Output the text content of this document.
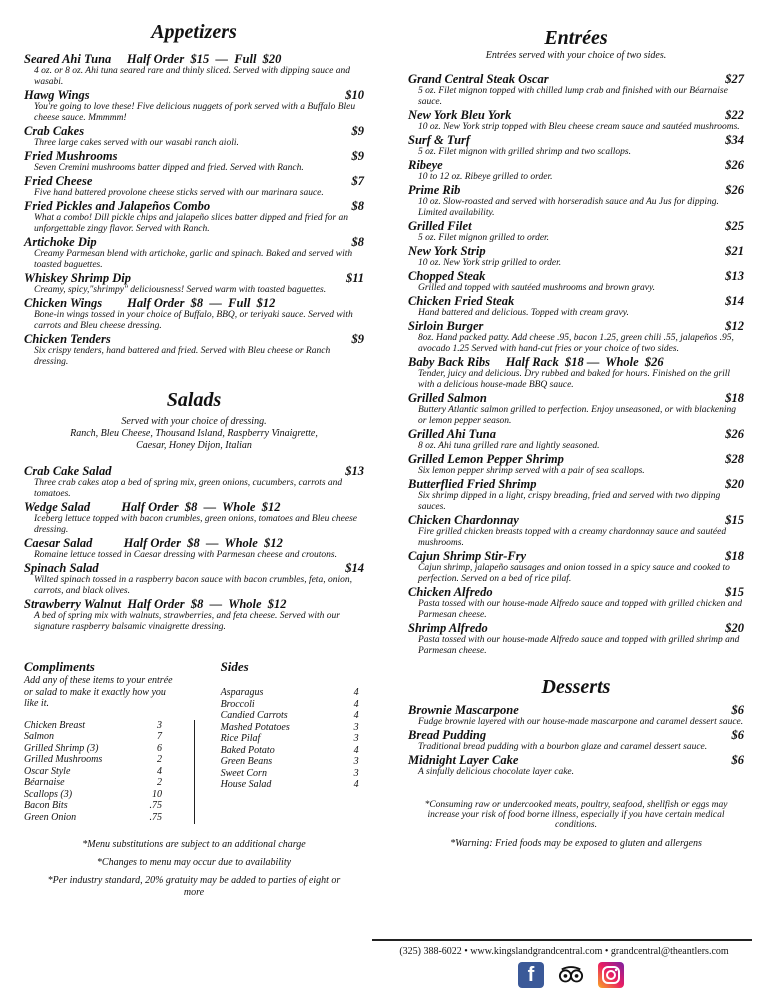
Appetizers
Seared Ahi Tuna     Half Order  $15  —  Full  $20
4 oz. or 8 oz. Ahi tuna seared rare and thinly sliced. Served with dipping sauce and wasabi.
Hawg Wings	$10
You're going to love these! Five delicious nuggets of pork served with a Buffalo Bleu cheese sauce. Mmmmm!
Crab Cakes	$9
Three large cakes served with our wasabi ranch aioli.
Fried Mushrooms	$9
Seven Cremini mushrooms batter dipped and fried. Served with Ranch.
Fried Cheese	$7
Five hand battered provolone cheese sticks served with our marinara sauce.
Fried Pickles and Jalapeños Combo	$8
What a combo! Dill pickle chips and jalapeño slices batter dipped and fried for an unforgettable zingy flavor. Served with Ranch.
Artichoke Dip	$8
Creamy Parmesan blend with artichoke, garlic and spinach. Baked and served with toasted baguettes.
Whiskey Shrimp Dip	$11
Creamy, spicy,"shrimpy" deliciousness! Served warm with toasted baguettes.
Chicken Wings        Half Order  $8  —  Full  $12
Bone-in wings tossed in your choice of Buffalo, BBQ, or teriyaki sauce. Served with carrots and Bleu cheese dressing.
Chicken Tenders	$9
Six crispy tenders, hand battered and fried. Served with Bleu cheese or Ranch dressing.
Salads
Served with your choice of dressing.
Ranch, Bleu Cheese, Thousand Island, Raspberry Vinaigrette,
Caesar, Honey Dijon, Italian
Crab Cake Salad	$13
Three crab cakes atop a bed of spring mix, green onions, cucumbers, carrots and tomatoes.
Wedge Salad          Half Order  $8  —  Whole  $12
Iceberg lettuce topped with bacon crumbles, green onions, tomatoes and Bleu cheese dressing.
Caesar Salad          Half Order  $8  —  Whole  $12
Romaine lettuce tossed in Caesar dressing with Parmesan cheese and croutons.
Spinach Salad	$14
Wilted spinach tossed in a raspberry bacon sauce with bacon crumbles, feta, onion, carrots, and black olives.
Strawberry Walnut  Half Order  $8  —  Whole  $12
A bed of spring mix with walnuts, strawberries, and feta cheese. Served with our signature raspberry balsamic vinaigrette dressing.
Compliments
Add any of these items to your entrée or salad to make it exactly how you like it.
Chicken Breast	3
Salmon	7
Grilled Shrimp (3)	6
Grilled Mushrooms	2
Oscar Style	4
Béarnaise	2
Scallops (3)	10
Bacon Bits	.75
Green Onion	.75
Sides
Asparagus	4
Broccoli	4
Candied Carrots	4
Mashed Potatoes	3
Rice Pilaf	3
Baked Potato	4
Green Beans	3
Sweet Corn	3
House Salad	4
*Menu substitutions are subject to an additional charge
*Changes to menu may occur due to availability
*Per industry standard, 20% gratuity may be added to parties of eight or more
Entrées
Entrées served with your choice of two sides.
Grand Central Steak Oscar	$27
5 oz. Filet mignon topped with chilled lump crab and finished with our Béarnaise sauce.
New York Bleu York	$22
10 oz. New York strip topped with Bleu cheese cream sauce and sautéed mushrooms.
Surf & Turf	$34
5 oz. Filet mignon with grilled shrimp and two scallops.
Ribeye	$26
10 to 12 oz. Ribeye grilled to order.
Prime Rib	$26
10 oz. Slow-roasted and served with horseradish sauce and Au Jus for dipping. Limited availability.
Grilled Filet	$25
5 oz. Filet mignon grilled to order.
New York Strip	$21
10 oz. New York strip grilled to order.
Chopped Steak	$13
Grilled and topped with sautéed mushrooms and brown gravy.
Chicken Fried Steak	$14
Hand battered and delicious. Topped with cream gravy.
Sirloin Burger	$12
8oz. Hand packed patty. Add cheese .95, bacon 1.25, green chili .55, jalapeños .95, avocado 1.25 Served with hand-cut fries or your choice of two sides.
Baby Back Ribs     Half Rack  $18 —  Whole  $26
Tender, juicy and delicious. Dry rubbed and baked for hours. Finished on the grill with a delicious house-made BBQ sauce.
Grilled Salmon	$18
Buttery Atlantic salmon grilled to perfection. Enjoy unseasoned, or with blackening or lemon pepper season.
Grilled Ahi Tuna	$26
8 oz. Ahi tuna grilled rare and lightly seasoned.
Grilled Lemon Pepper Shrimp	$28
Six lemon pepper shrimp served with a pair of sea scallops.
Butterflied Fried Shrimp	$20
Six shrimp dipped in a light, crispy breading, fried and served with two dipping sauces.
Chicken Chardonnay	$15
Fire grilled chicken breasts topped with a creamy chardonnay sauce and sautéed mushrooms.
Cajun Shrimp Stir-Fry	$18
Cajun shrimp, jalapeño sausages and onion tossed in a spicy sauce and cooked to perfection. Served on a bed of rice pilaf.
Chicken Alfredo	$15
Pasta tossed with our house-made Alfredo sauce and topped with grilled chicken and Parmesan cheese.
Shrimp Alfredo	$20
Pasta tossed with our house-made Alfredo sauce and topped with grilled shrimp and Parmesan cheese.
Desserts
Brownie Mascarpone	$6
Fudge brownie layered with our house-made mascarpone and caramel dessert sauce.
Bread Pudding	$6
Traditional bread pudding with a bourbon glaze and caramel dessert sauce.
Midnight Layer Cake	$6
A sinfully delicious chocolate layer cake.
*Consuming raw or undercooked meats, poultry, seafood, shellfish or eggs may increase your risk of food borne illness, especially if you have certain medical conditions.
*Warning: Fried foods may be exposed to gluten and allergens
(325) 388-6022 • www.kingslandgrandcentral.com • grandcentral@theantlers.com
f
